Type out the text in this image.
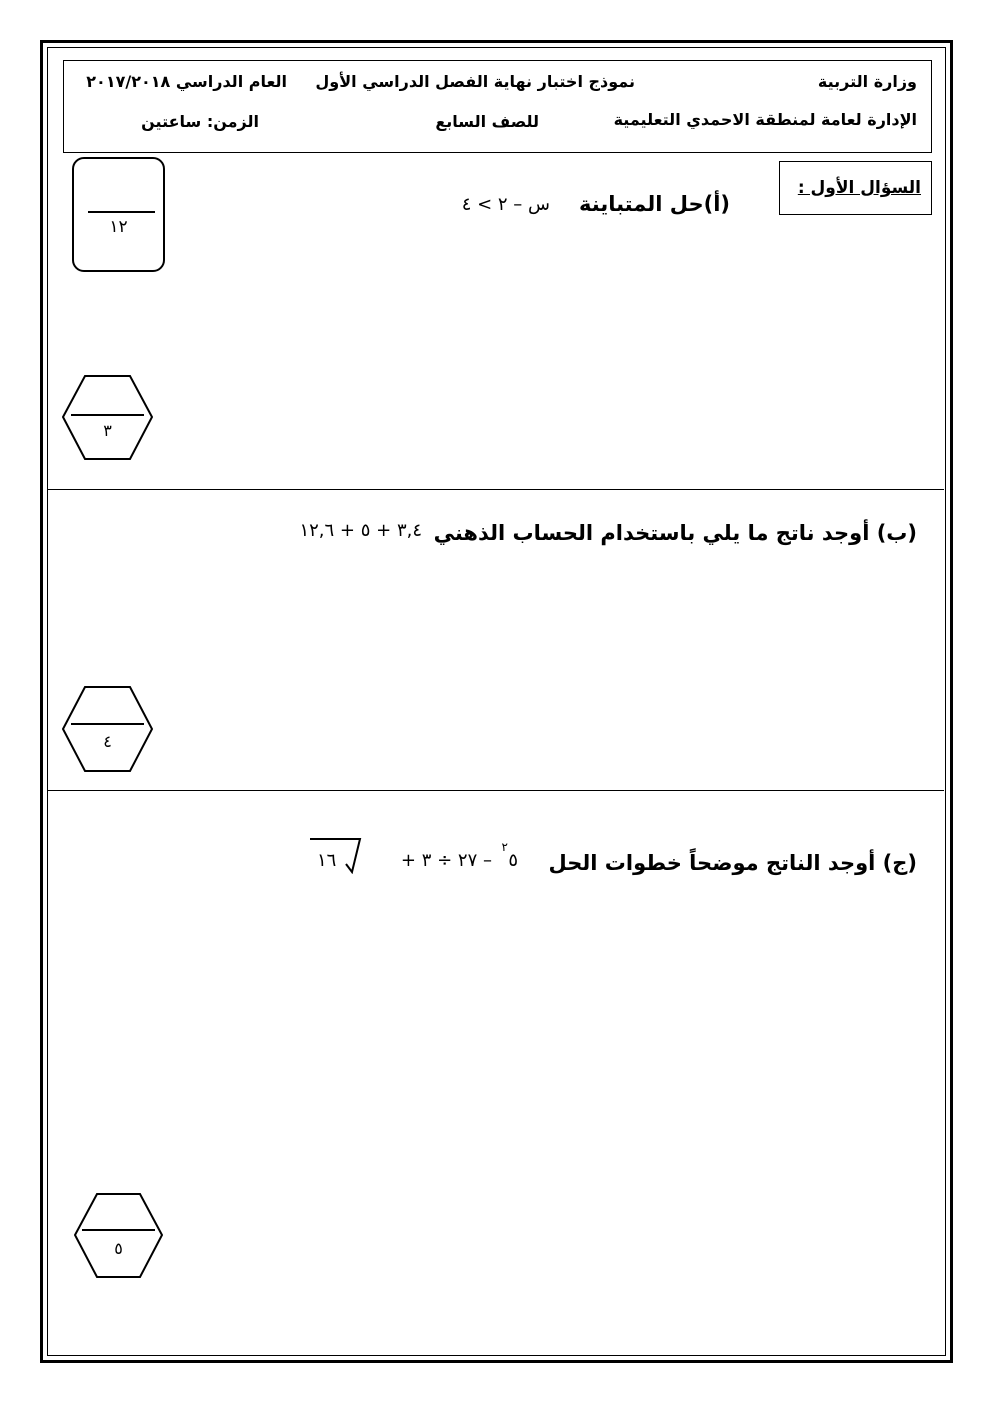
وزارة التربية
الإدارة لعامة لمنطقة الاحمدي التعليمية
نموذج اختبار نهاية الفصل الدراسي الأول
للصف السابع
العام الدراسي ٢٠١٧/٢٠١٨
الزمن: ساعتين
السؤال الأول :
١٢
(أ)حل المتباينة
س – ٢ > ٤
٣
(ب) أوجد ناتج ما يلي باستخدام الحساب الذهني
٣,٤ + ٥ + ١٢,٦
٤
(ج) أوجد الناتج موضحاً خطوات الحل
٥
٢
– ٢٧ ÷ ٣ +
١٦
٥
